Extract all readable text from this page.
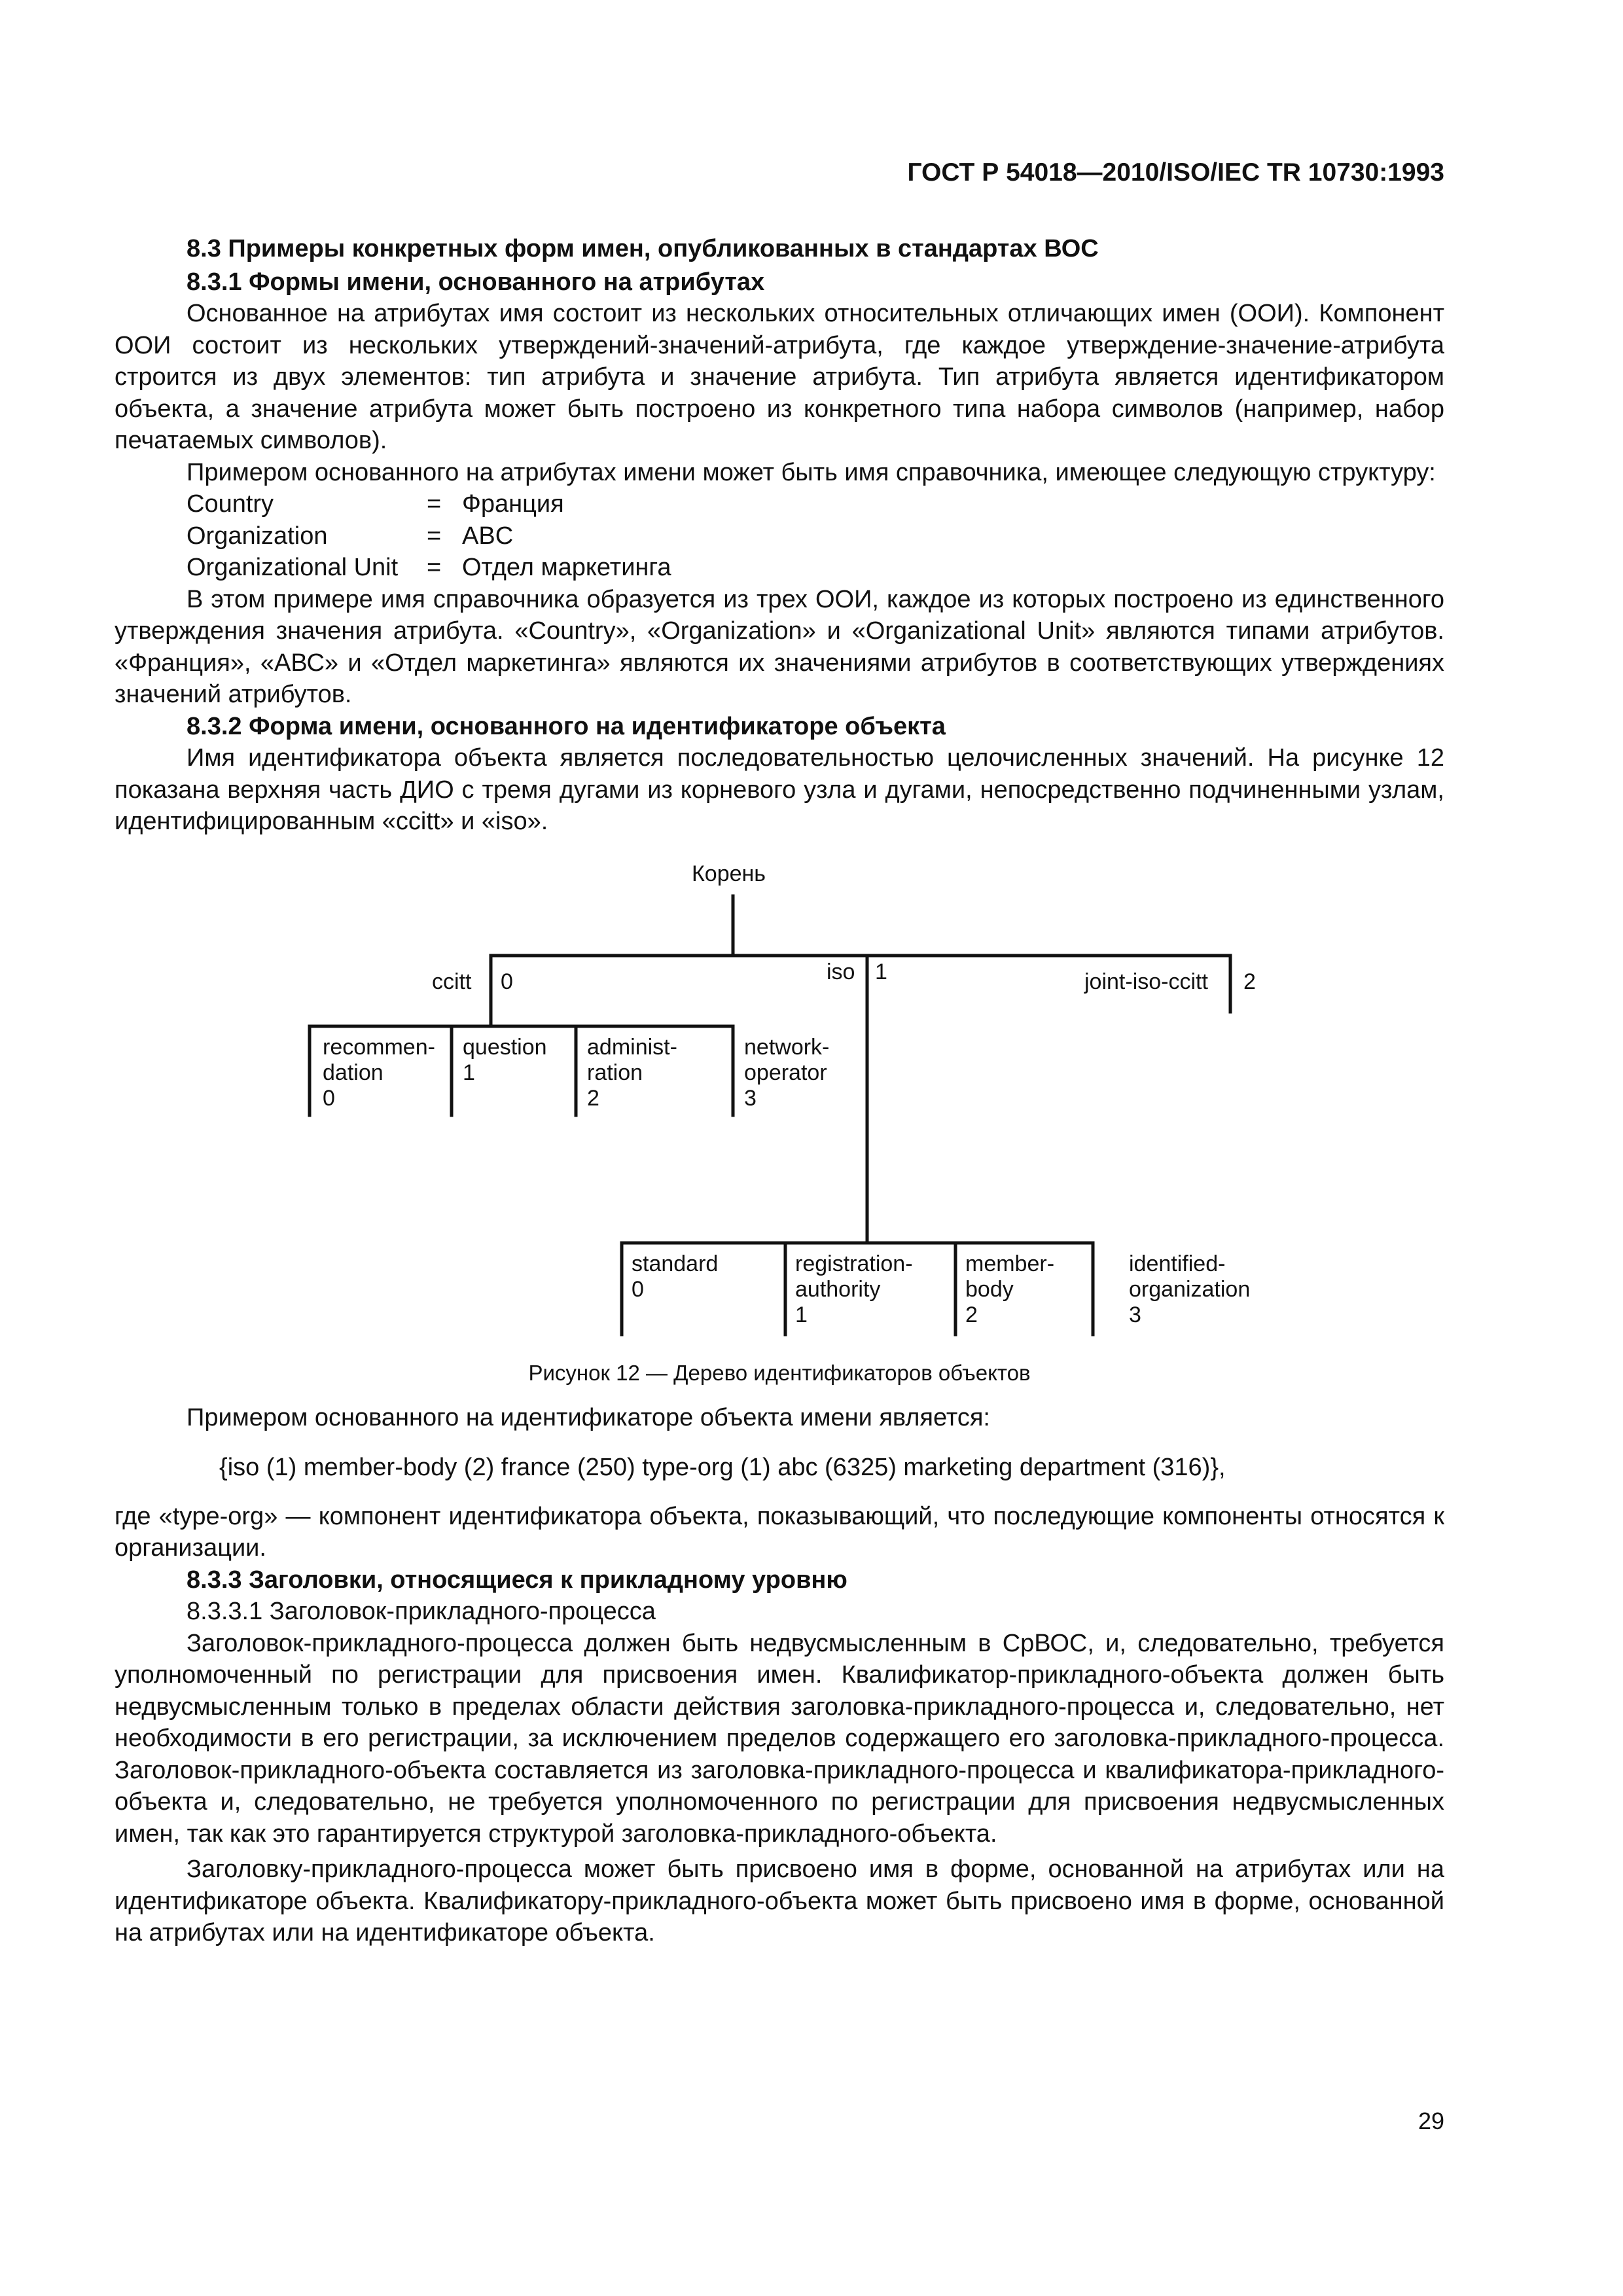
ГОСТ Р 54018—2010/ISO/IEC TR 10730:1993
8.3 Примеры конкретных форм имен, опубликованных в стандартах ВОС
8.3.1 Формы имени, основанного на атрибутах

Основанное на атрибутах имя состоит из нескольких относительных отличающих имен (ООИ). Компонент ООИ состоит из нескольких утверждений-значений-атрибута, где каждое утверждение-значение-атрибута строится из двух элементов: тип атрибута и значение атрибута. Тип атрибута является идентификатором объекта, а значение атрибута может быть построено из конкретного типа набора символов (например, набор печатаемых символов).

Примером основанного на атрибутах имени может быть имя справочника, имеющее следующую структуру:

Country	= Франция
Organization	= ABC
Organizational Unit	= Отдел маркетинга

В этом примере имя справочника образуется из трех ООИ, каждое из которых построено из единственного утверждения значения атрибута. «Country», «Organization» и «Organizational Unit» являются типами атрибутов. «Франция», «АВС» и «Отдел маркетинга» являются их значениями атрибутов в соответствующих утверждениях значений атрибутов.

8.3.2 Форма имени, основанного на идентификаторе объекта

Имя идентификатора объекта является последовательностью целочисленных значений. На рисунке 12 показана верхняя часть ДИО с тремя дугами из корневого узла и дугами, непосредственно подчиненными узлам, идентифицированным «ccitt» и «iso».

Корень
ccitt 0	iso 1	joint-iso-ccitt 2
recommen-
dation
0
question
1
administ-
ration
2
network-
operator
3
standard
0
registration-
authority
1
member-
body
2
identified-
organization
3
Рисунок 12 — Дерево идентификаторов объектов

Примером основанного на идентификаторе объекта имени является:

{iso (1) member-body (2) france (250) type-org (1) abc (6325) marketing department (316)},

где «type-org» — компонент идентификатора объекта, показывающий, что последующие компоненты относятся к организации.

8.3.3 Заголовки, относящиеся к прикладному уровню
8.3.3.1 Заголовок-прикладного-процесса

Заголовок-прикладного-процесса должен быть недвусмысленным в СрВОС, и, следовательно, требуется уполномоченный по регистрации для присвоения имен. Квалификатор-прикладного-объекта должен быть недвусмысленным только в пределах области действия заголовка-прикладного-процесса и, следовательно, нет необходимости в его регистрации, за исключением пределов содержащего его заголовка-прикладного-процесса. Заголовок-прикладного-объекта составляется из заголовка-прикладного-процесса и квалификатора-прикладного-объекта и, следовательно, не требуется уполномоченного по регистрации для присвоения недвусмысленных имен, так как это гарантируется структурой заголовка-прикладного-объекта.

Заголовку-прикладного-процесса может быть присвоено имя в форме, основанной на атрибутах или на идентификаторе объекта. Квалификатору-прикладного-объекта может быть присвоено имя в форме, основанной на атрибутах или на идентификаторе объекта.

29
